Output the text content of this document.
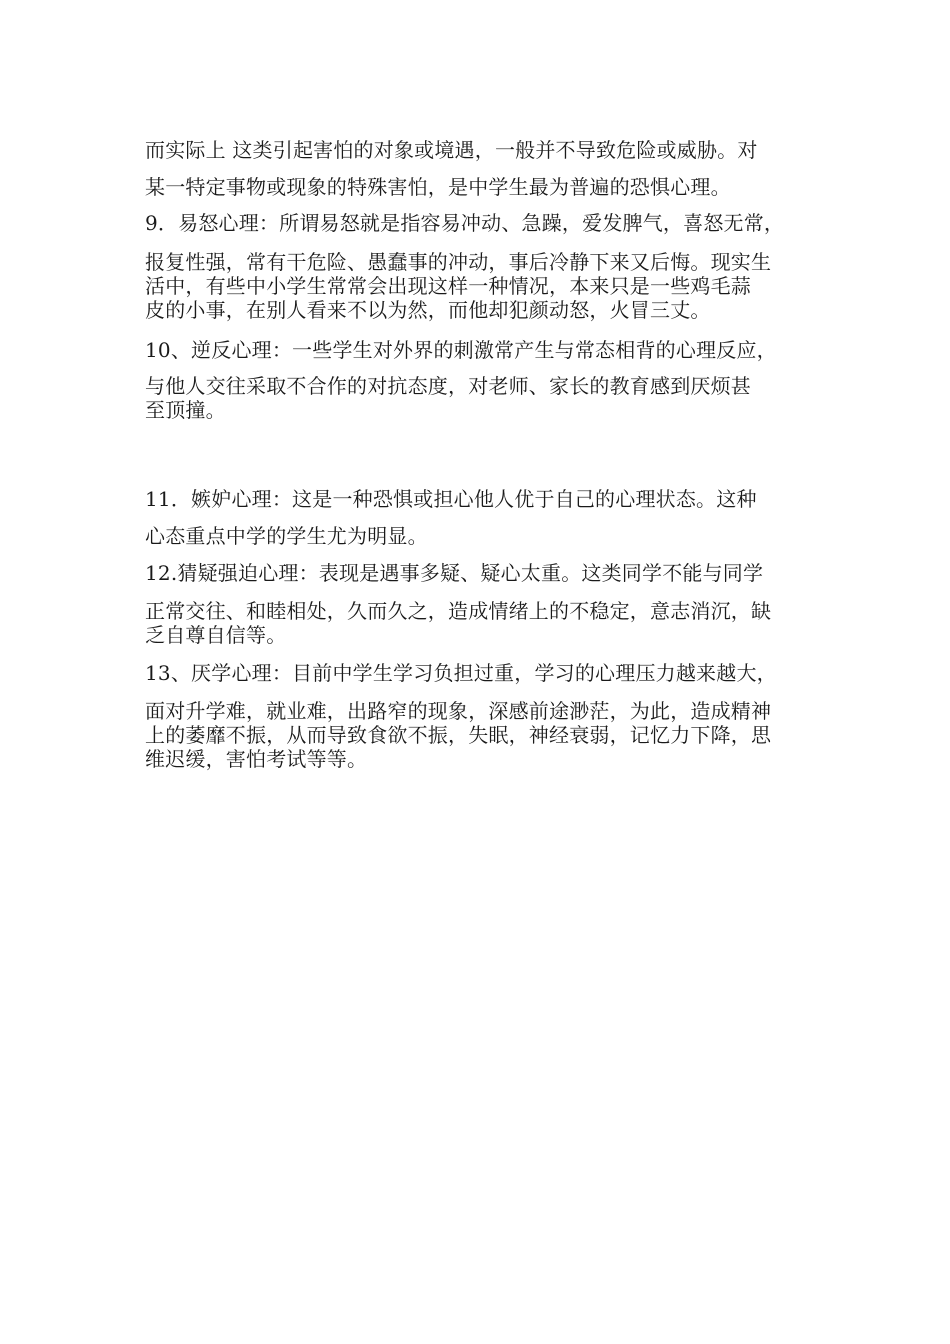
而实际上 这类引起害怕的对象或境遇，一般并不导致危险或威胁。对

某一特定事物或现象的特殊害怕，是中学生最为普遍的恐惧心理。

9．易怒心理：所谓易怒就是指容易冲动、急躁，爱发脾气，喜怒无常，

报复性强，常有干危险、愚蠢事的冲动，事后冷静下来又后悔。现实生
活中，有些中小学生常常会出现这样一种情况，本来只是一些鸡毛蒜
皮的小事，在别人看来不以为然，而他却犯颜动怒，火冒三丈。

10、逆反心理：一些学生对外界的刺激常产生与常态相背的心理反应，

与他人交往采取不合作的对抗态度，对老师、家长的教育感到厌烦甚
至顶撞。

11．嫉妒心理：这是一种恐惧或担心他人优于自己的心理状态。这种

心态重点中学的学生尤为明显。

12.猜疑强迫心理：表现是遇事多疑、疑心太重。这类同学不能与同学

正常交往、和睦相处，久而久之，造成情绪上的不稳定，意志消沉，缺
乏自尊自信等。

13、厌学心理：目前中学生学习负担过重，学习的心理压力越来越大，

面对升学难，就业难，出路窄的现象，深感前途渺茫，为此，造成精神
上的萎靡不振，从而导致食欲不振，失眠，神经衰弱，记忆力下降，思
维迟缓，害怕考试等等。
